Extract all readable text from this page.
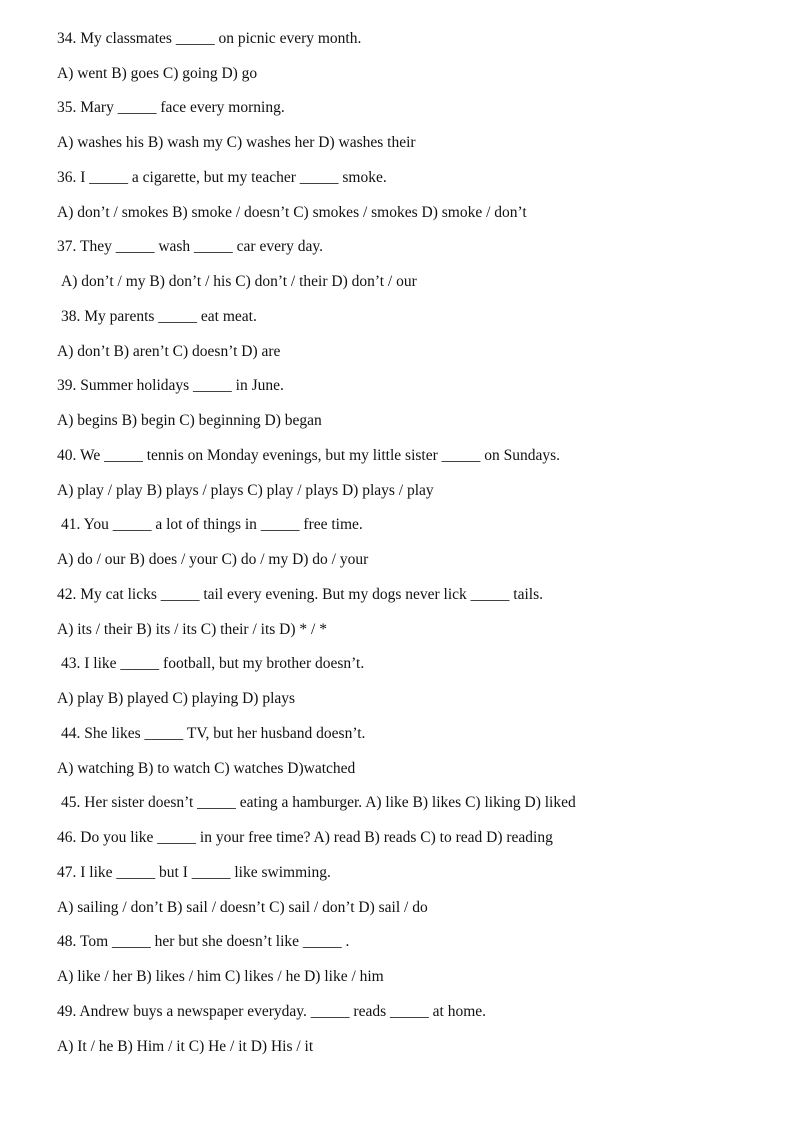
34. My classmates _____ on picnic every month.
A) went B) goes C) going D) go
35. Mary _____ face every morning.
A) washes his B) wash my C) washes her D) washes their
36. I _____ a cigarette, but my teacher _____ smoke.
A) don’t / smokes B) smoke / doesn’t C) smokes / smokes D) smoke / don’t
37. They _____ wash _____ car every day.
A) don’t / my B) don’t / his C) don’t / their D) don’t / our
38. My parents _____ eat meat.
A) don’t B) aren’t C) doesn’t D) are
39. Summer holidays _____ in June.
A) begins B) begin C) beginning D) began
40. We _____ tennis on Monday evenings, but my little sister _____ on Sundays.
A) play / play B) plays / plays C) play / plays D) plays / play
41. You _____ a lot of things in _____ free time.
A) do / our B) does / your C) do / my D) do / your
42. My cat licks _____ tail every evening. But my dogs never lick _____ tails.
A) its / their B) its / its C) their / its D) * / *
43. I like _____ football, but my brother doesn’t.
A) play B) played C) playing D) plays
44. She likes _____ TV, but her husband doesn’t.
A) watching B) to watch C) watches D)watched
45. Her sister doesn’t _____ eating a hamburger. A) like B) likes C) liking D) liked
46. Do you like _____ in your free time? A) read B) reads C) to read D) reading
47. I like _____ but I _____ like swimming.
A) sailing / don’t B) sail / doesn’t C) sail / don’t D) sail / do
48. Tom _____ her but she doesn’t like _____ .
A) like / her B) likes / him C) likes / he D) like / him
49. Andrew buys a newspaper everyday. _____ reads _____ at home.
A) It / he B) Him / it C) He / it D) His / it
